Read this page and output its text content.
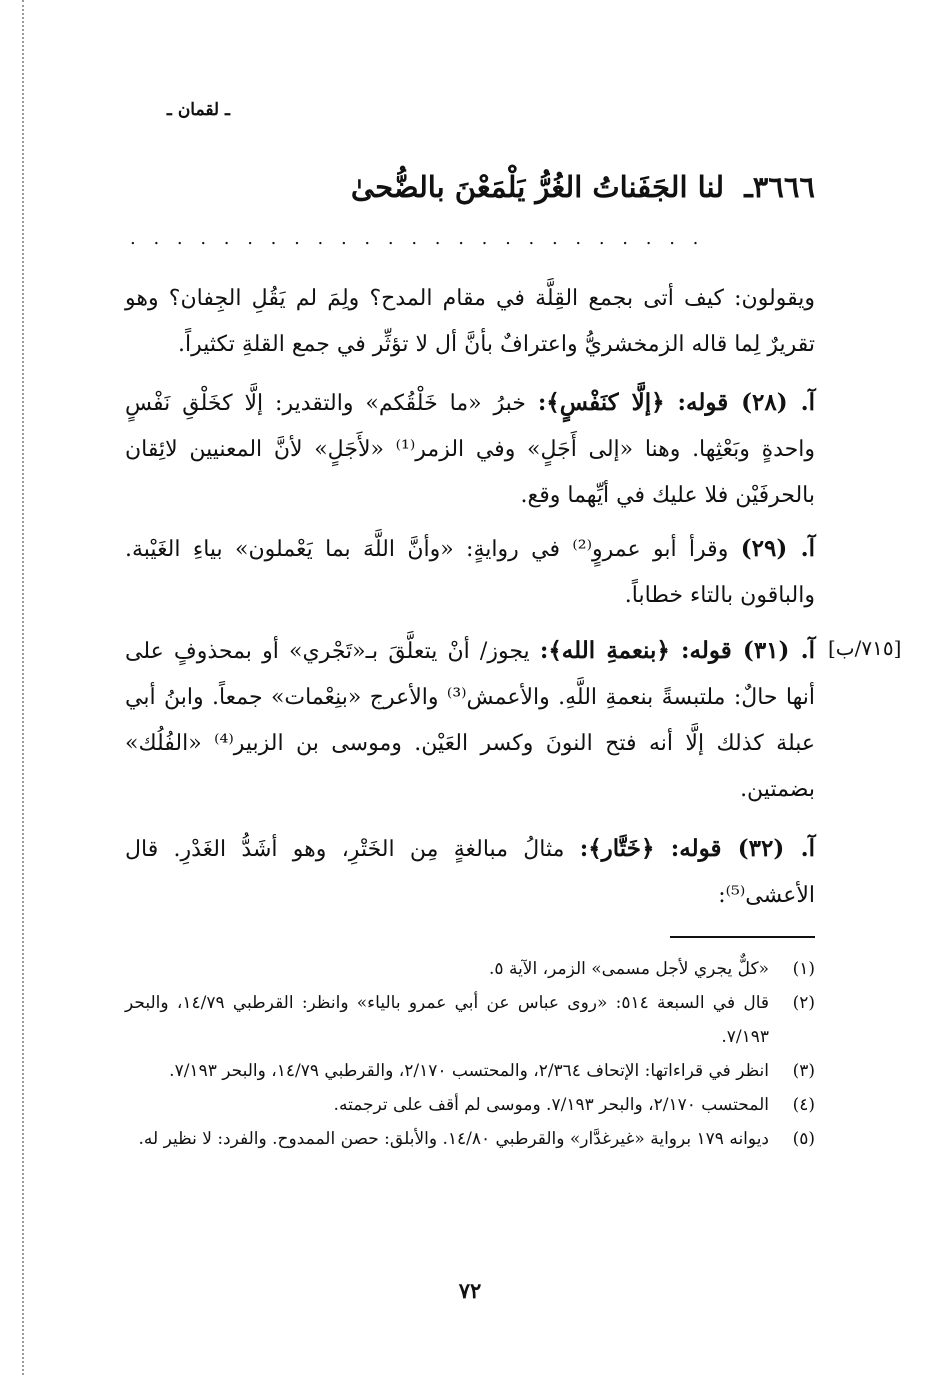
ـ لقمان ـ
٣٦٦٦ـ لنا الجَفَناتُ الغُرُّ يَلْمَعْنَ بالضُّحىٰ
. . . . . . . . . . . . . . . . . . . . . . . . .
ويقولون: كيف أتى بجمع القِلَّة في مقام المدح؟ ولِمَ لم يَقُلِ الجِفان؟ وهو تقريرٌ لِما قاله الزمخشريُّ واعترافٌ بأنَّ أل لا تؤثِّر في جمع القلةِ تكثيراً.
آ. (٢٨) قوله: ﴿إلَّا كنَفْسٍ﴾: خبرُ «ما خَلْقُكم» والتقدير: إلَّا كخَلْقِ نَفْسٍ واحدةٍ وبَعْثِها. وهنا «إلى أَجَلٍ» وفي الزمر⁽¹⁾ «لأَجَلٍ» لأنَّ المعنيين لائِقان بالحرفَيْن فلا عليك في أيِّهما وقع.
آ. (٢٩) وقرأ أبو عمروٍ⁽²⁾ في روايةٍ: «وأنَّ اللَّهَ بما يَعْملون» بياءِ الغَيْبة. والباقون بالتاء خطاباً.
[٧١٥/ب]
آ. (٣١) قوله: ﴿بنعمةِ الله﴾: يجوز/ أنْ يتعلَّقَ بـ«تَجْري» أو بمحذوفٍ على أنها حالٌ: ملتبسةً بنعمةِ اللَّهِ. والأعمش⁽³⁾ والأعرج «بنِعْمات» جمعاً. وابنُ أبي عبلة كذلك إلَّا أنه فتح النونَ وكسر العَيْن. وموسى بن الزبير⁽⁴⁾ «الفُلُك» بضمتين.
آ. (٣٢) قوله: ﴿خَتَّار﴾: مثالُ مبالغةٍ مِن الخَتْرِ، وهو أشَدُّ الغَدْرِ. قال الأعشى⁽⁵⁾:
(١)
«كلٌّ يجري لأجل مسمى» الزمر، الآية ٥.
(٢)
قال في السبعة ٥١٤: «روى عباس عن أبي عمرو بالياء» وانظر: القرطبي ١٤/٧٩، والبحر ٧/١٩٣.
(٣)
انظر في قراءاتها: الإتحاف ٢/٣٦٤، والمحتسب ٢/١٧٠، والقرطبي ١٤/٧٩، والبحر ٧/١٩٣.
(٤)
المحتسب ٢/١٧٠، والبحر ٧/١٩٣. وموسى لم أقف على ترجمته.
(٥)
ديوانه ١٧٩ برواية «غيرغدَّار» والقرطبي ١٤/٨٠. والأبلق: حصن الممدوح. والفرد: لا نظير له.
٧٢
